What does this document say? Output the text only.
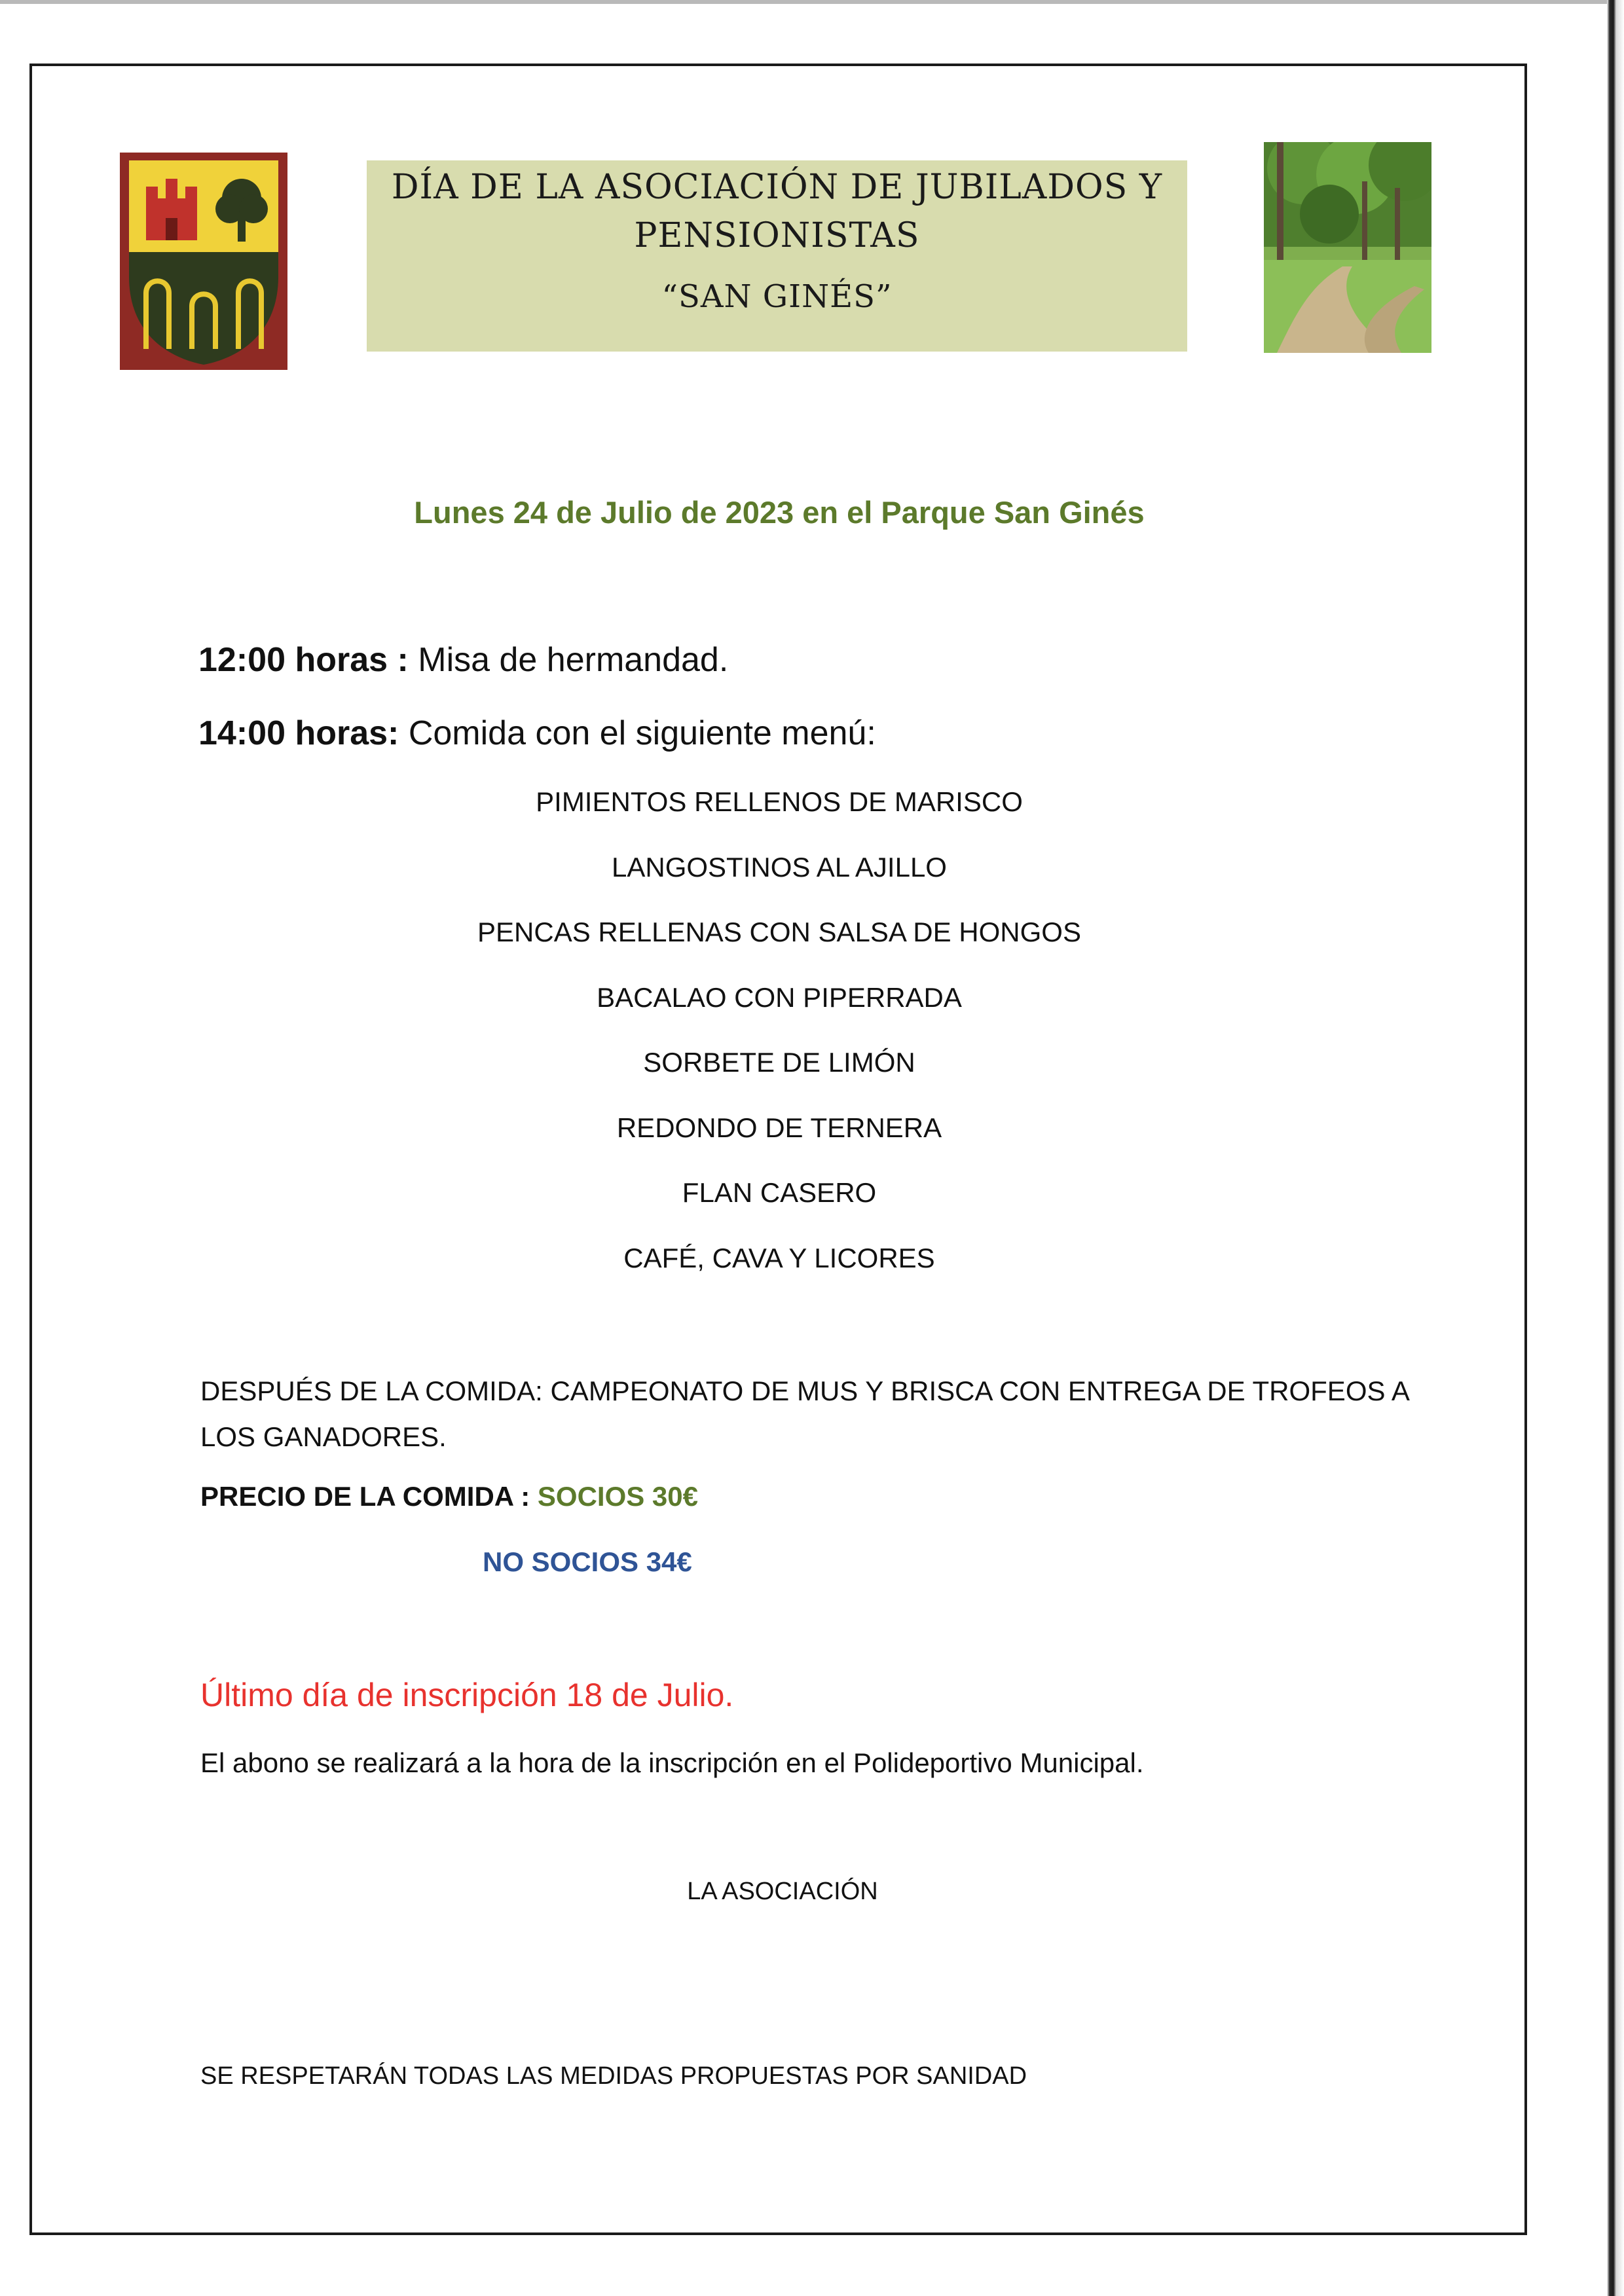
DÍA DE LA ASOCIACIÓN DE JUBILADOS Y
PENSIONISTAS
“SAN GINÉS”
Lunes 24 de Julio de 2023 en el Parque San Ginés
12:00 horas : Misa de hermandad.
14:00 horas: Comida con el siguiente menú:
PIMIENTOS RELLENOS DE MARISCO
LANGOSTINOS AL AJILLO
PENCAS RELLENAS CON SALSA DE HONGOS
BACALAO CON PIPERRADA
SORBETE DE LIMÓN
REDONDO DE TERNERA
FLAN CASERO
CAFÉ, CAVA Y LICORES
DESPUÉS DE LA COMIDA: CAMPEONATO DE MUS Y BRISCA CON ENTREGA DE TROFEOS A LOS GANADORES.
PRECIO DE LA COMIDA : SOCIOS 30€
NO SOCIOS 34€
Último día de inscripción 18 de Julio.
El abono se realizará a la hora de la inscripción en el Polideportivo Municipal.
LA ASOCIACIÓN
SE RESPETARÁN TODAS LAS MEDIDAS PROPUESTAS POR SANIDAD
